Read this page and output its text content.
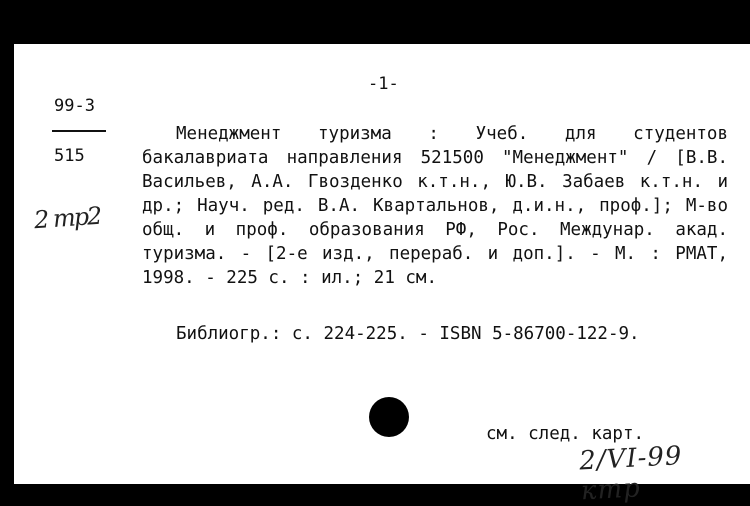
-1-
99-3
515
2 тр2

Менеджмент туризма : Учеб. для студентов бакалавриата направления 521500 "Менеджмент" / [В.В. Васильев, А.А. Гвозденко к.т.н., Ю.В. Забаев к.т.н. и др.; Науч. ред. В.А. Квартальнов, д.и.н., проф.]; М-во общ. и проф. образования РФ, Рос. Междунар. акад. туризма. - [2-е изд., перераб. и доп.]. - М. : РМАТ, 1998. - 225 с. : ил.; 21 см.

Библиогр.: с. 224-225. - ISBN 5-86700-122-9.

см. след. карт.
2/VI-99 ктр
